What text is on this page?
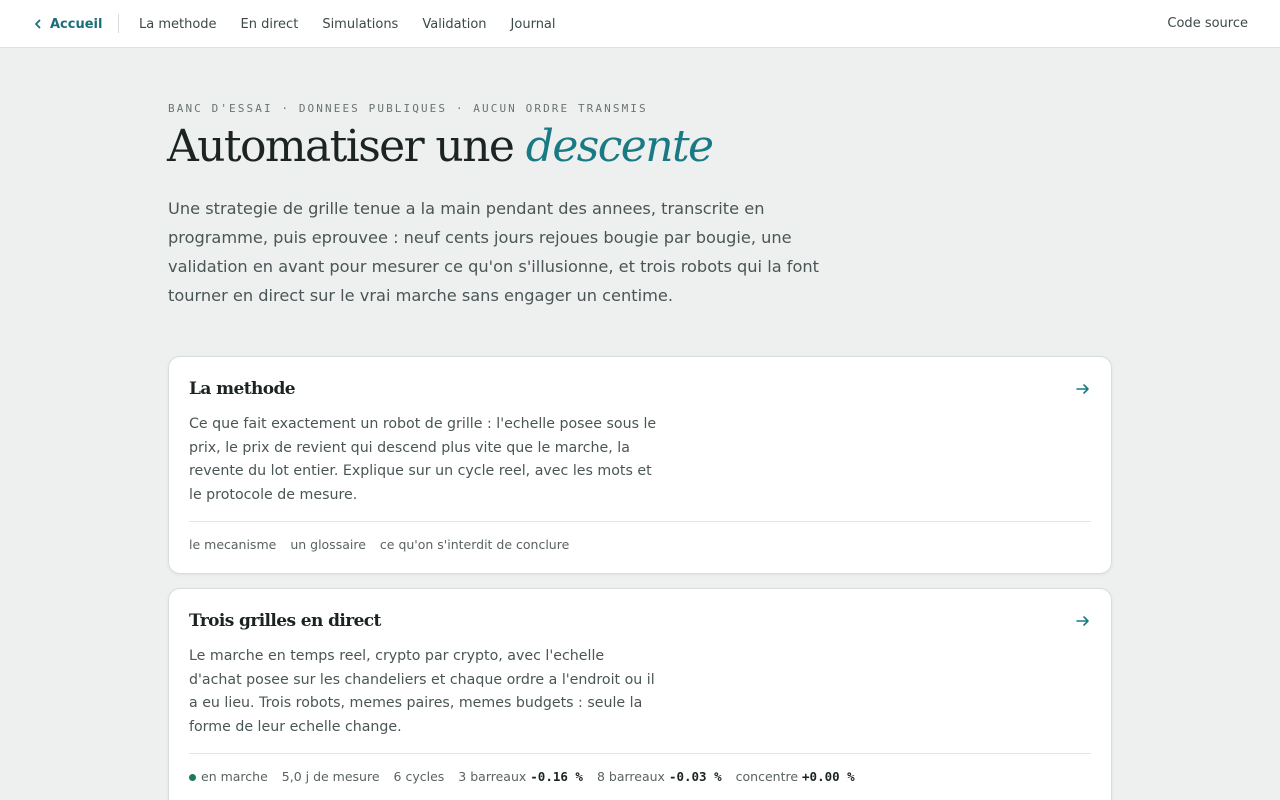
Accueil	La methode En direct Simulations Validation Journal	Code source
BANC D'ESSAI · DONNEES PUBLIQUES · AUCUN ORDRE TRANSMIS
Automatiser une descente

Une strategie de grille tenue a la main pendant des annees, transcrite en programme, puis eprouvee : neuf cents jours rejoues bougie par bougie, une validation en avant pour mesurer ce qu'on s'illusionne, et trois robots qui la font tourner en direct sur le vrai marche sans engager un centime.

La methode

Ce que fait exactement un robot de grille : l'echelle posee sous le prix, le prix de revient qui descend plus vite que le marche, la revente du lot entier. Explique sur un cycle reel, avec les mots et le protocole de mesure.

le mecanisme un glossaire ce qu'on s'interdit de conclure
Trois grilles en direct

Le marche en temps reel, crypto par crypto, avec l'echelle d'achat posee sur les chandeliers et chaque ordre a l'endroit ou il a eu lieu. Trois robots, memes paires, memes budgets : seule la forme de leur echelle change.

en marche 5,0 j de mesure 6 cycles 3 barreaux -0.16 % 8 barreaux -0.03 % concentre +0.00 %
